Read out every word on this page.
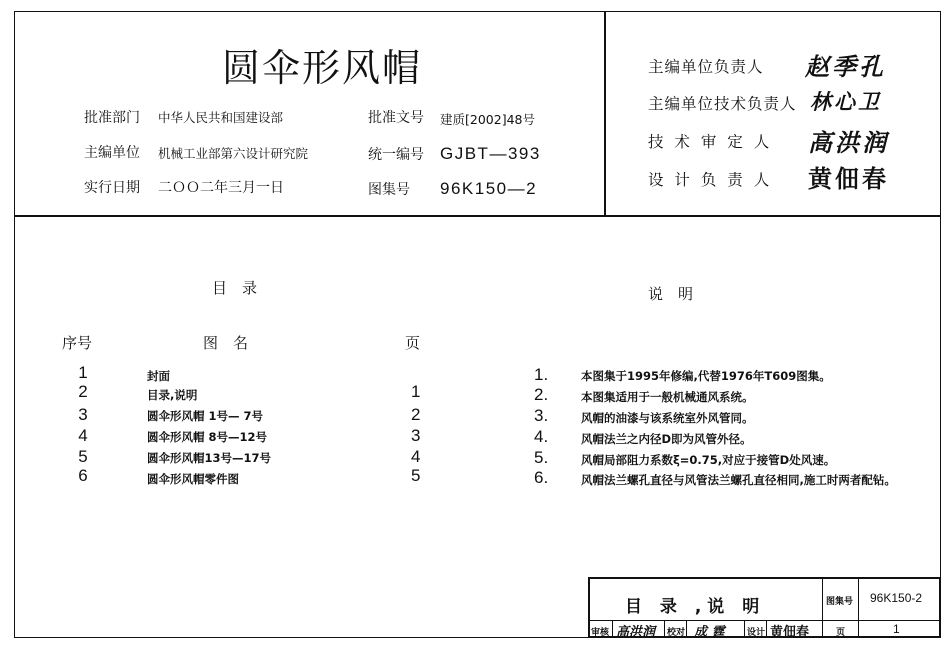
圆伞形风帽
批准部门 中华人民共和国建设部
主编单位 机械工业部第六设计研究院
实行日期 二ＯＯ二年三月一日
批准文号 建质[2002]48号
统一编号 GJBT—393
图集号 96K150—2
主编单位负责人 赵季孔
主编单位技术负责人 林心卫
技 术 审 定 人 高洪润
设 计 负 责 人 黄佃春
目　录
序号	图　名	页
1	封面
2	目录,说明	1
3	圆伞形风帽 1号— 7号	2
4	圆伞形风帽 8号—12号	3
5	圆伞形风帽13号—17号	4
6	圆伞形风帽零件图	5
说　明
1.	本图集于1995年修编,代替1976年T609图集。
2.	本图集适用于一般机械通风系统。
3.	风帽的油漆与该系统室外风管同。
4.	风帽法兰之内径D即为风管外径。
5.	风帽局部阻力系数ξ=0.75,对应于接管D处风速。
6.	风帽法兰螺孔直径与风管法兰螺孔直径相同,施工时两者配钻。
目 录 ,说 明	图集号 96K150-2
审核 高洪润 校对 成 霆 设计 黄佃春	页	1
